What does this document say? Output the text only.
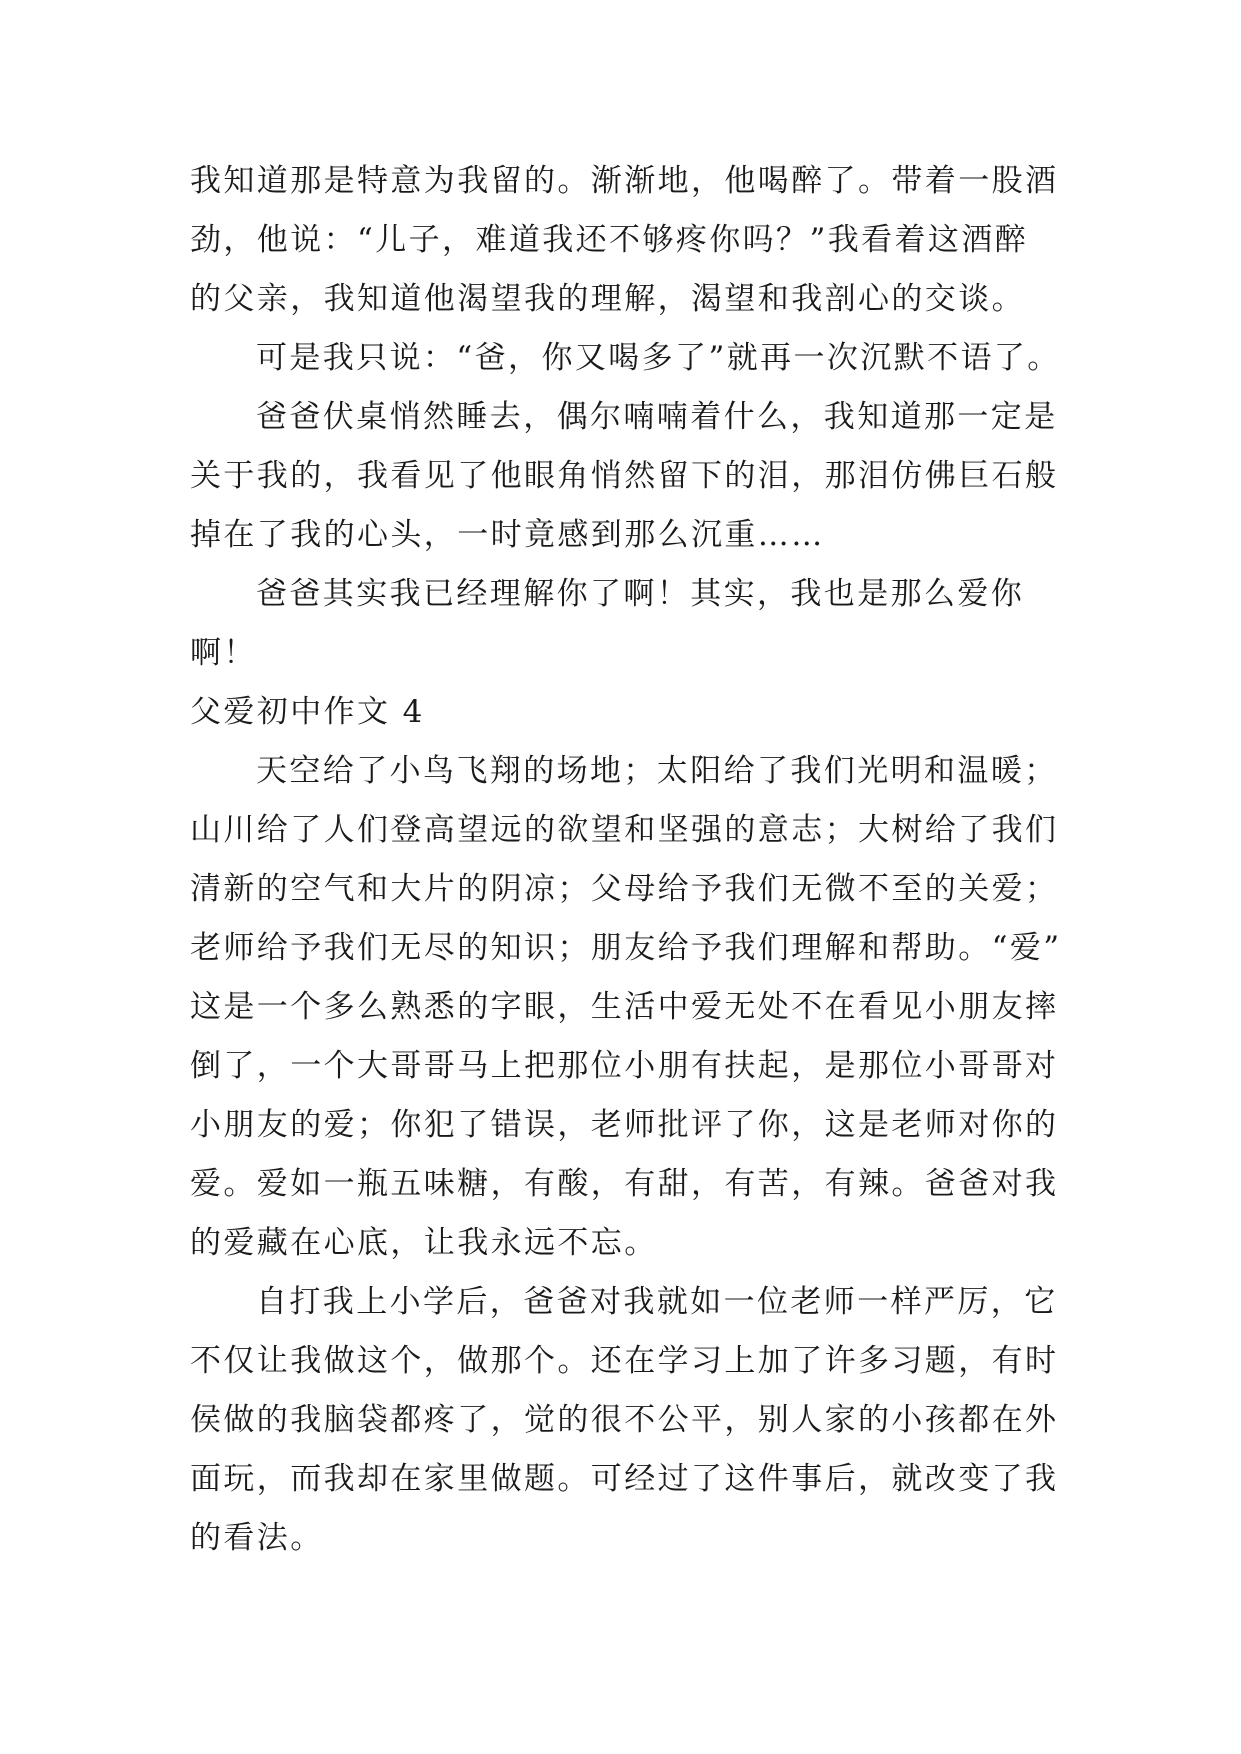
我知道那是特意为我留的。渐渐地，他喝醉了。带着一股酒
劲，他说：“儿子，难道我还不够疼你吗？”我看着这酒醉
的父亲，我知道他渴望我的理解，渴望和我剖心的交谈。
可是我只说：“爸，你又喝多了”就再一次沉默不语了。
爸爸伏桌悄然睡去，偶尔喃喃着什么，我知道那一定是
关于我的，我看见了他眼角悄然留下的泪，那泪仿佛巨石般
掉在了我的心头，一时竟感到那么沉重……
爸爸其实我已经理解你了啊！其实，我也是那么爱你
啊！
父爱初中作文 4
天空给了小鸟飞翔的场地；太阳给了我们光明和温暖；
山川给了人们登高望远的欲望和坚强的意志；大树给了我们
清新的空气和大片的阴凉；父母给予我们无微不至的关爱；
老师给予我们无尽的知识；朋友给予我们理解和帮助。“爱”
这是一个多么熟悉的字眼，生活中爱无处不在看见小朋友摔
倒了，一个大哥哥马上把那位小朋有扶起，是那位小哥哥对
小朋友的爱；你犯了错误，老师批评了你，这是老师对你的
爱。爱如一瓶五味糖，有酸，有甜，有苦，有辣。爸爸对我
的爱藏在心底，让我永远不忘。
自打我上小学后，爸爸对我就如一位老师一样严厉，它
不仅让我做这个，做那个。还在学习上加了许多习题，有时
侯做的我脑袋都疼了，觉的很不公平，别人家的小孩都在外
面玩，而我却在家里做题。可经过了这件事后，就改变了我
的看法。
